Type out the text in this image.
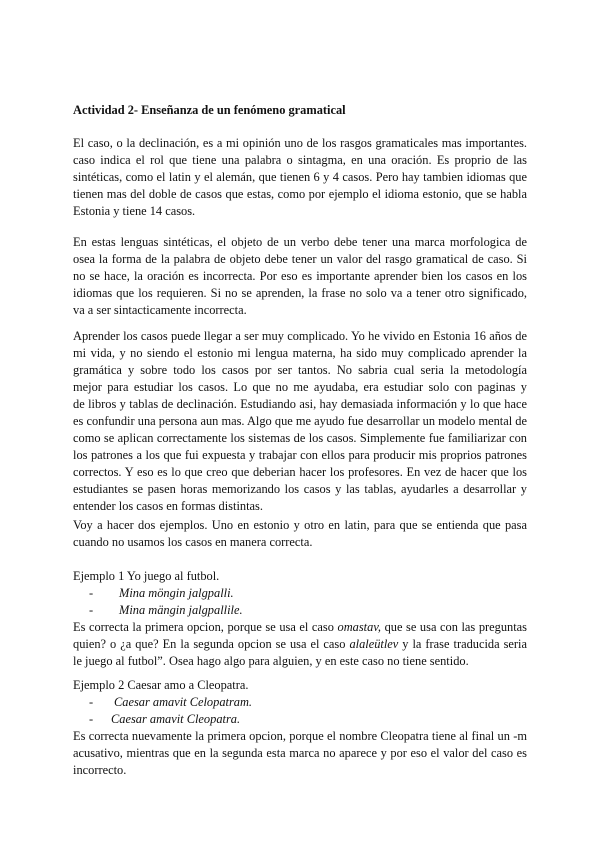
Actividad 2- Enseñanza de un fenómeno gramatical
El caso, o la declinación, es a mi opinión uno de los rasgos gramaticales mas importantes.
caso indica el rol que tiene una palabra o sintagma, en una oración. Es proprio de las
sintéticas, como el latin y el alemán, que tienen 6 y 4 casos. Pero hay tambien idiomas que
tienen mas del doble de casos que estas, como por ejemplo el idioma estonio, que se habla
Estonia y tiene 14 casos.
En estas lenguas sintéticas, el objeto de un verbo debe tener una marca morfologica de
osea la forma de la palabra de objeto debe tener un valor del rasgo gramatical de caso. Si
no se hace, la oración es incorrecta. Por eso es importante aprender bien los casos en los
idiomas que los requieren. Si no se aprenden, la frase no solo va a tener otro significado,
va a ser sintacticamente incorrecta.
Aprender los casos puede llegar a ser muy complicado. Yo he vivido en Estonia 16 años de
mi vida, y no siendo el estonio mi lengua materna, ha sido muy complicado aprender la
gramática y sobre todo los casos por ser tantos. No sabria cual seria la metodología
mejor para estudiar los casos. Lo que no me ayudaba, era estudiar solo con paginas y
de libros y tablas de declinación. Estudiando asi, hay demasiada información y lo que hace
es confundir una persona aun mas. Algo que me ayudo fue desarrollar un modelo mental de
como se aplican correctamente los sistemas de los casos. Simplemente fue familiarizar con
los patrones a los que fui expuesta y trabajar con ellos para producir mis proprios patrones
correctos. Y eso es lo que creo que deberian hacer los profesores. En vez de hacer que los
estudiantes se pasen horas memorizando los casos y las tablas, ayudarles a desarrollar y
entender los casos en formas distintas.
Voy a hacer dos ejemplos. Uno en estonio y otro en latin, para que se entienda que pasa
cuando no usamos los casos en manera correcta.
Ejemplo 1 Yo juego al futbol.
- Mina möngin jalgpalli.
- Mina mängin jalgpallile.
Es correcta la primera opcion, porque se usa el caso omastav, que se usa con las preguntas
quien? o ¿a que? En la segunda opcion se usa el caso alaleütlev y la frase traducida seria
le juego al futbol”. Osea hago algo para alguien, y en este caso no tiene sentido.
Ejemplo 2 Caesar amo a Cleopatra.
- Caesar amavit Celopatram.
- Caesar amavit Cleopatra.
Es correcta nuevamente la primera opcion, porque el nombre Cleopatra tiene al final un -m
acusativo, mientras que en la segunda esta marca no aparece y por eso el valor del caso es
incorrecto.
